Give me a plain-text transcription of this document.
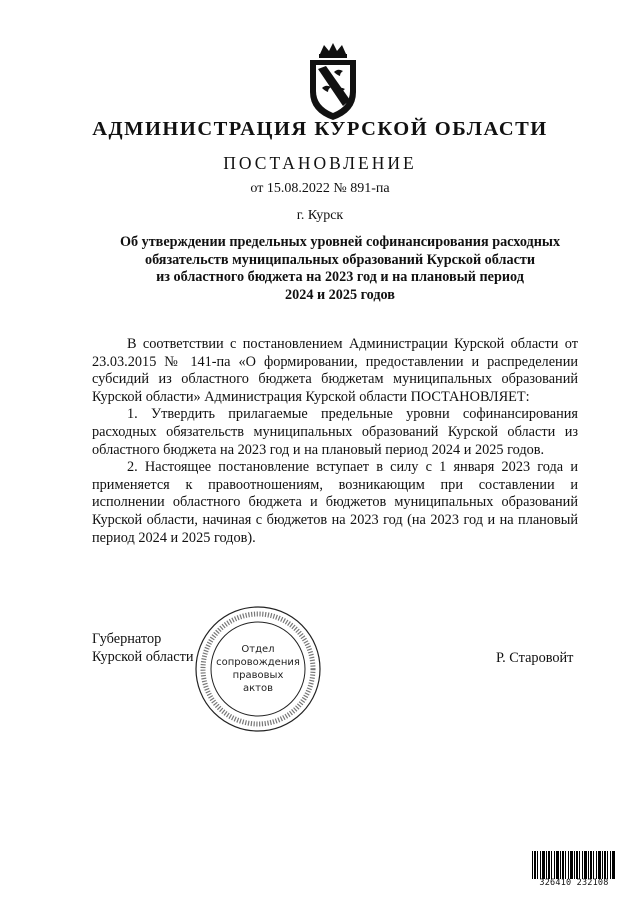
АДМИНИСТРАЦИЯ КУРСКОЙ ОБЛАСТИ
ПОСТАНОВЛЕНИЕ
от 15.08.2022 № 891-па
г. Курск
Об утверждении предельных уровней софинансирования расходных
обязательств муниципальных образований Курской области
из областного бюджета на 2023 год и на плановый период
2024 и 2025 годов

В соответствии с постановлением Администрации Курской области от 23.03.2015 № 141-па «О формировании, предоставлении и распределении субсидий из областного бюджета бюджетам муниципальных образований Курской области» Администрация Курской области ПОСТАНОВЛЯЕТ:

1. Утвердить прилагаемые предельные уровни софинансирования расходных обязательств муниципальных образований Курской области из областного бюджета на 2023 год и на плановый период 2024 и 2025 годов.

2. Настоящее постановление вступает в силу с 1 января 2023 года и применяется к правоотношениям, возникающим при составлении и исполнении областного бюджета и бюджетов муниципальных образований Курской области, начиная с бюджетов на 2023 год (на 2023 год и на плановый период 2024 и 2025 годов).

Губернатор
Курской области	Р. Старовойт
Отдел
сопровождения
правовых
актов
326410 232108
